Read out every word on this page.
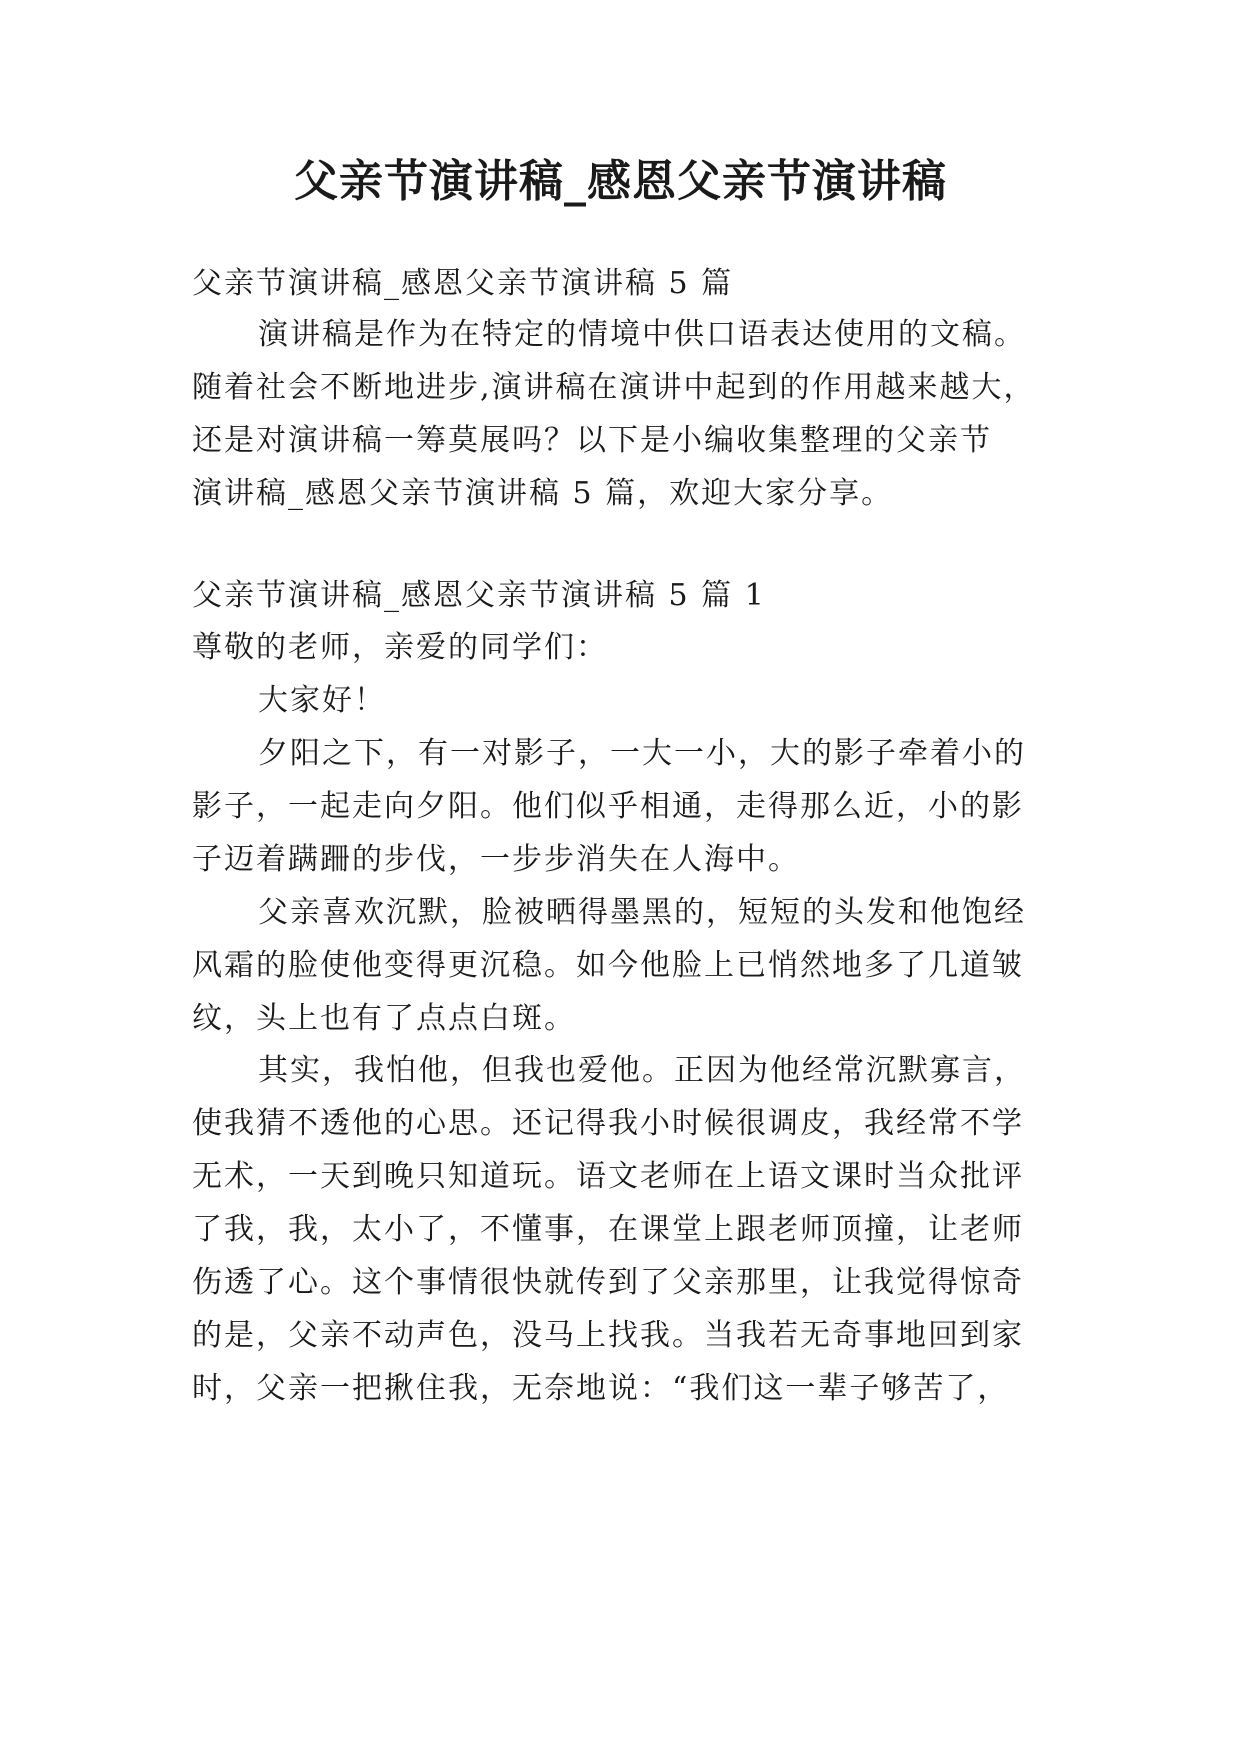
父亲节演讲稿_感恩父亲节演讲稿

父亲节演讲稿_感恩父亲节演讲稿 5 篇

演讲稿是作为在特定的情境中供口语表达使用的文稿。

随着社会不断地进步,演讲稿在演讲中起到的作用越来越大，

还是对演讲稿一筹莫展吗？以下是小编收集整理的父亲节

演讲稿_感恩父亲节演讲稿 5 篇，欢迎大家分享。

父亲节演讲稿_感恩父亲节演讲稿 5 篇 1

尊敬的老师，亲爱的同学们：

大家好！

夕阳之下，有一对影子，一大一小，大的影子牵着小的

影子，一起走向夕阳。他们似乎相通，走得那么近，小的影

子迈着蹒跚的步伐，一步步消失在人海中。

父亲喜欢沉默，脸被晒得墨黑的，短短的头发和他饱经

风霜的脸使他变得更沉稳。如今他脸上已悄然地多了几道皱

纹，头上也有了点点白斑。

其实，我怕他，但我也爱他。正因为他经常沉默寡言，

使我猜不透他的心思。还记得我小时候很调皮，我经常不学

无术，一天到晚只知道玩。语文老师在上语文课时当众批评

了我，我，太小了，不懂事，在课堂上跟老师顶撞，让老师

伤透了心。这个事情很快就传到了父亲那里，让我觉得惊奇

的是，父亲不动声色，没马上找我。当我若无奇事地回到家

时，父亲一把揪住我，无奈地说：“我们这一辈子够苦了，
